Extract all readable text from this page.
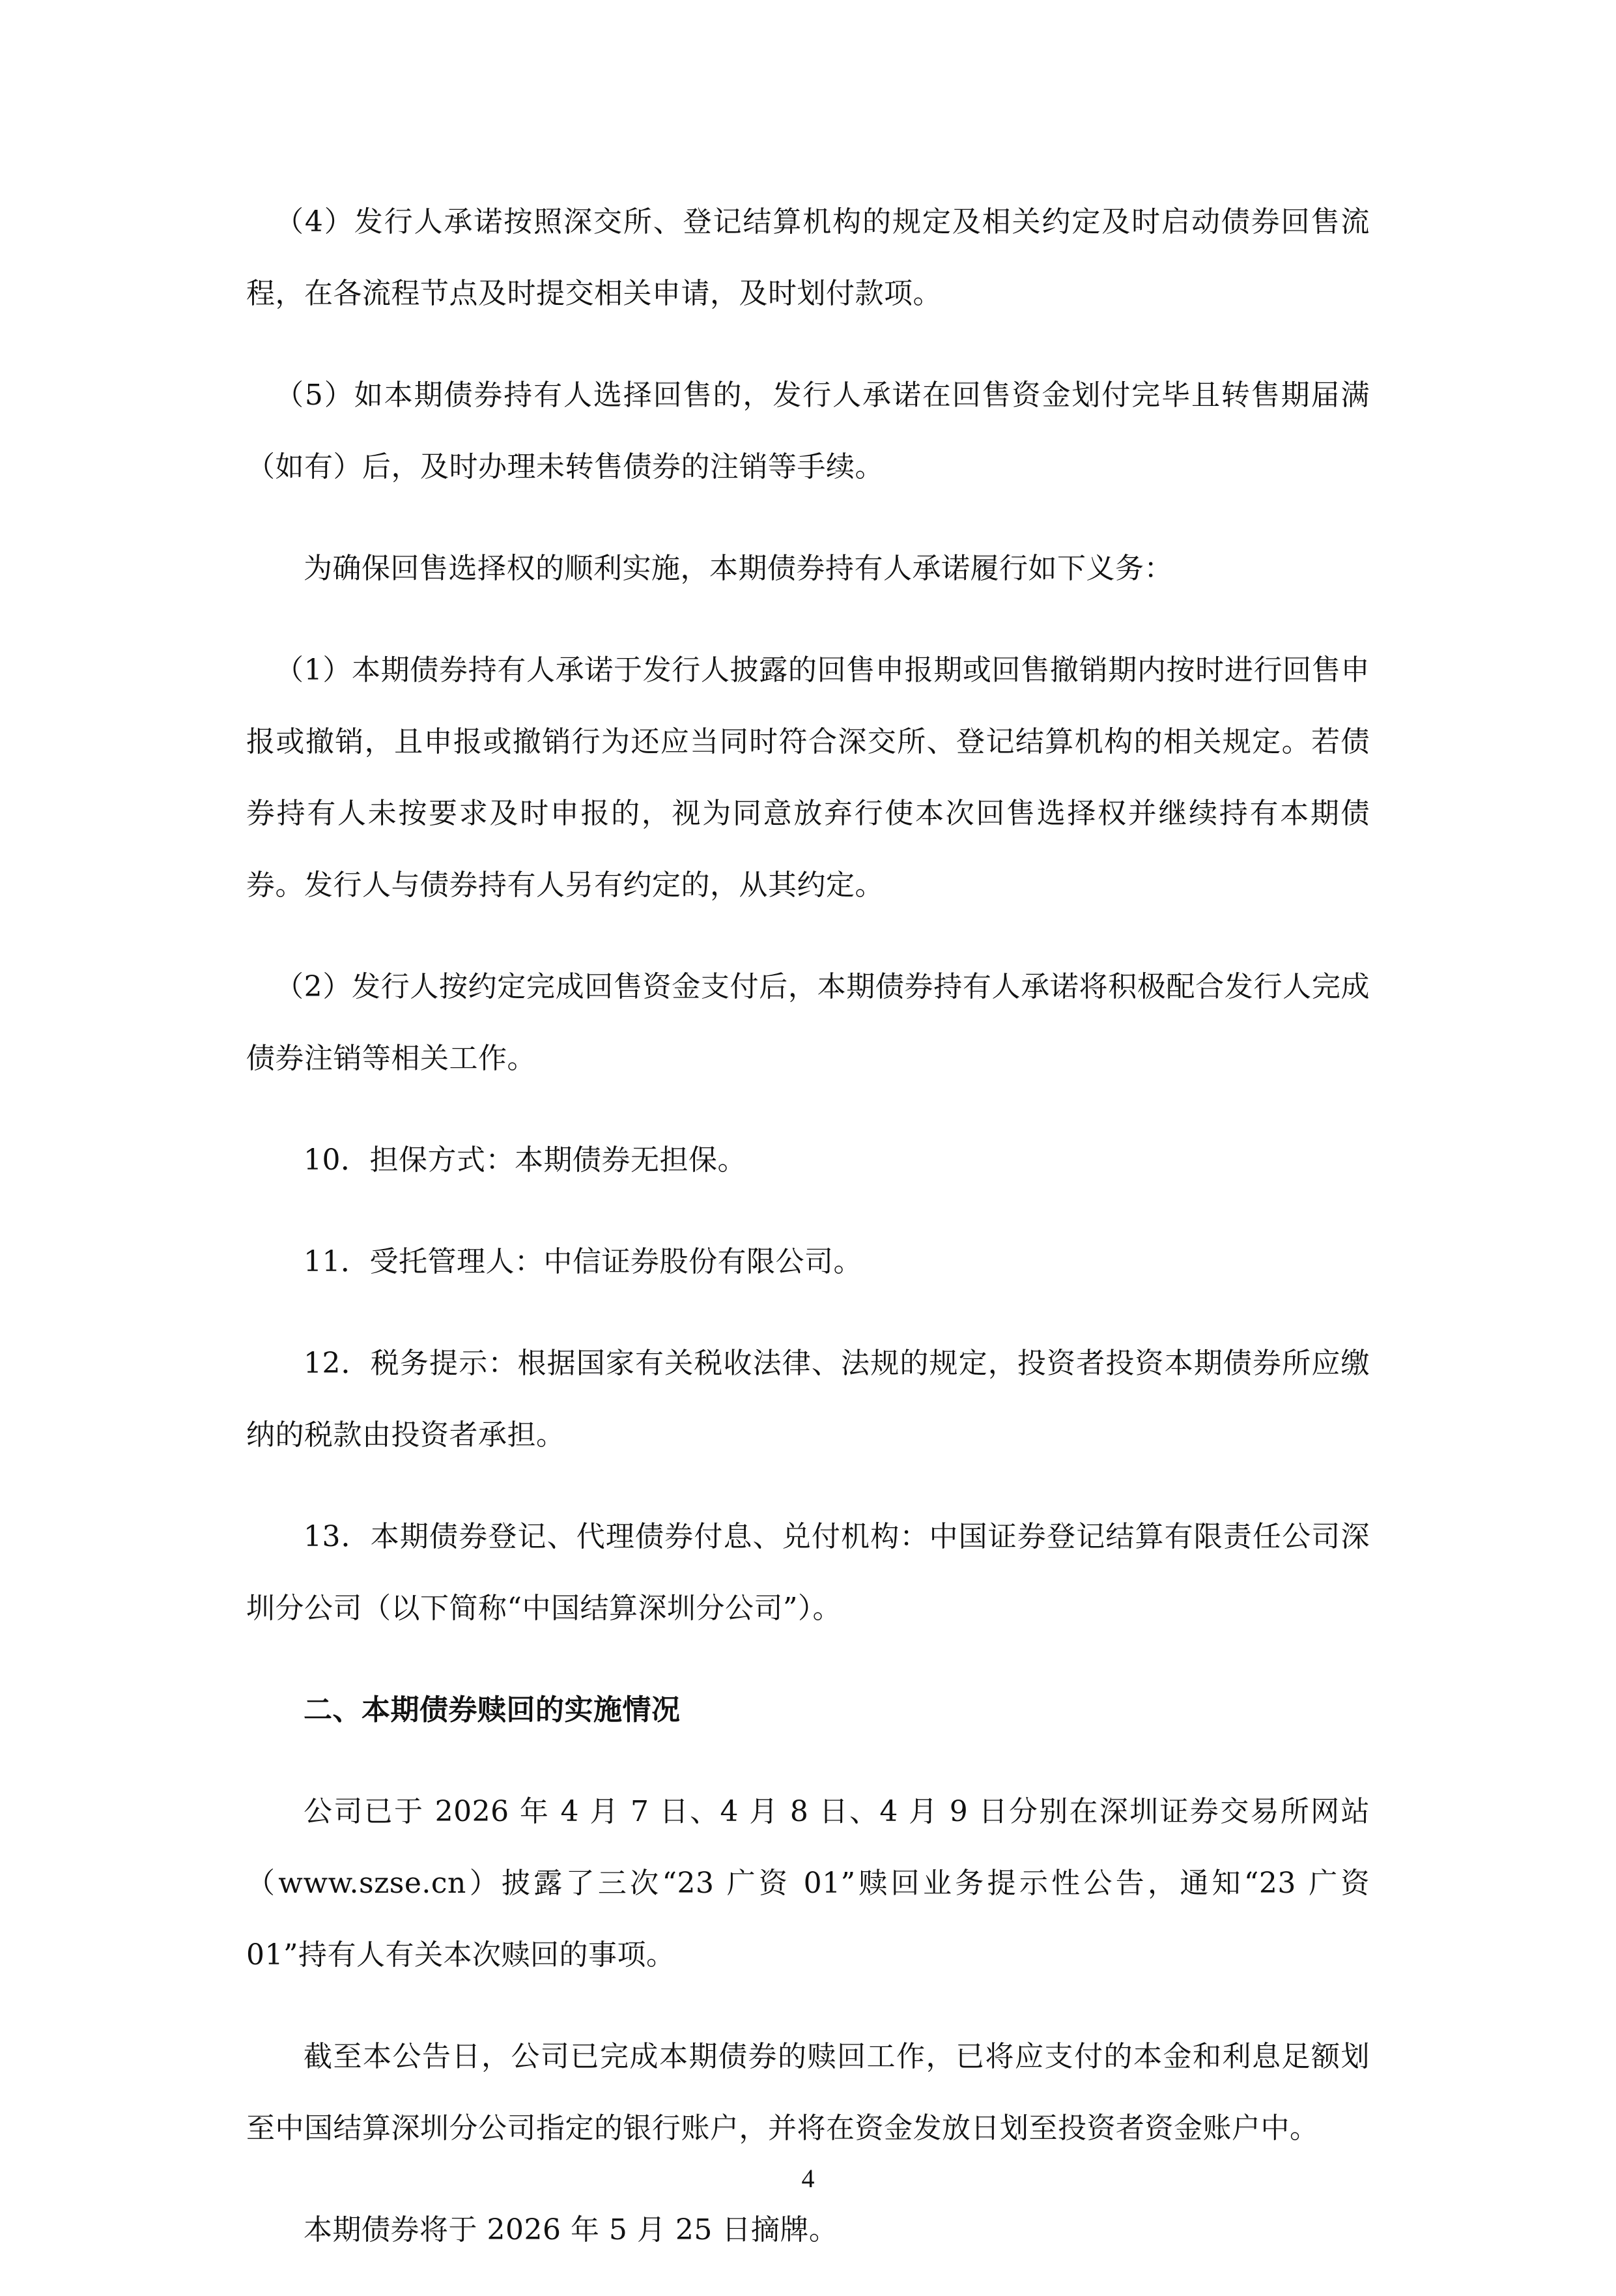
（4）发行人承诺按照深交所、登记结算机构的规定及相关约定及时启动债券回售流程，在各流程节点及时提交相关申请，及时划付款项。

（5）如本期债券持有人选择回售的，发行人承诺在回售资金划付完毕且转售期届满（如有）后，及时办理未转售债券的注销等手续。

为确保回售选择权的顺利实施，本期债券持有人承诺履行如下义务：

（1）本期债券持有人承诺于发行人披露的回售申报期或回售撤销期内按时进行回售申报或撤销，且申报或撤销行为还应当同时符合深交所、登记结算机构的相关规定。若债券持有人未按要求及时申报的，视为同意放弃行使本次回售选择权并继续持有本期债券。发行人与债券持有人另有约定的，从其约定。

（2）发行人按约定完成回售资金支付后，本期债券持有人承诺将积极配合发行人完成债券注销等相关工作。

10．担保方式：本期债券无担保。

11．受托管理人：中信证券股份有限公司。

12．税务提示：根据国家有关税收法律、法规的规定，投资者投资本期债券所应缴纳的税款由投资者承担。

13．本期债券登记、代理债券付息、兑付机构：中国证券登记结算有限责任公司深圳分公司（以下简称“中国结算深圳分公司”）。

二、本期债券赎回的实施情况

公司已于 2026 年 4 月 7 日、4 月 8 日、4 月 9 日分别在深圳证券交易所网站（www.szse.cn）披露了三次“23 广资 01”赎回业务提示性公告，通知“23 广资 01”持有人有关本次赎回的事项。

截至本公告日，公司已完成本期债券的赎回工作，已将应支付的本金和利息足额划至中国结算深圳分公司指定的银行账户，并将在资金发放日划至投资者资金账户中。

本期债券将于 2026 年 5 月 25 日摘牌。

4
